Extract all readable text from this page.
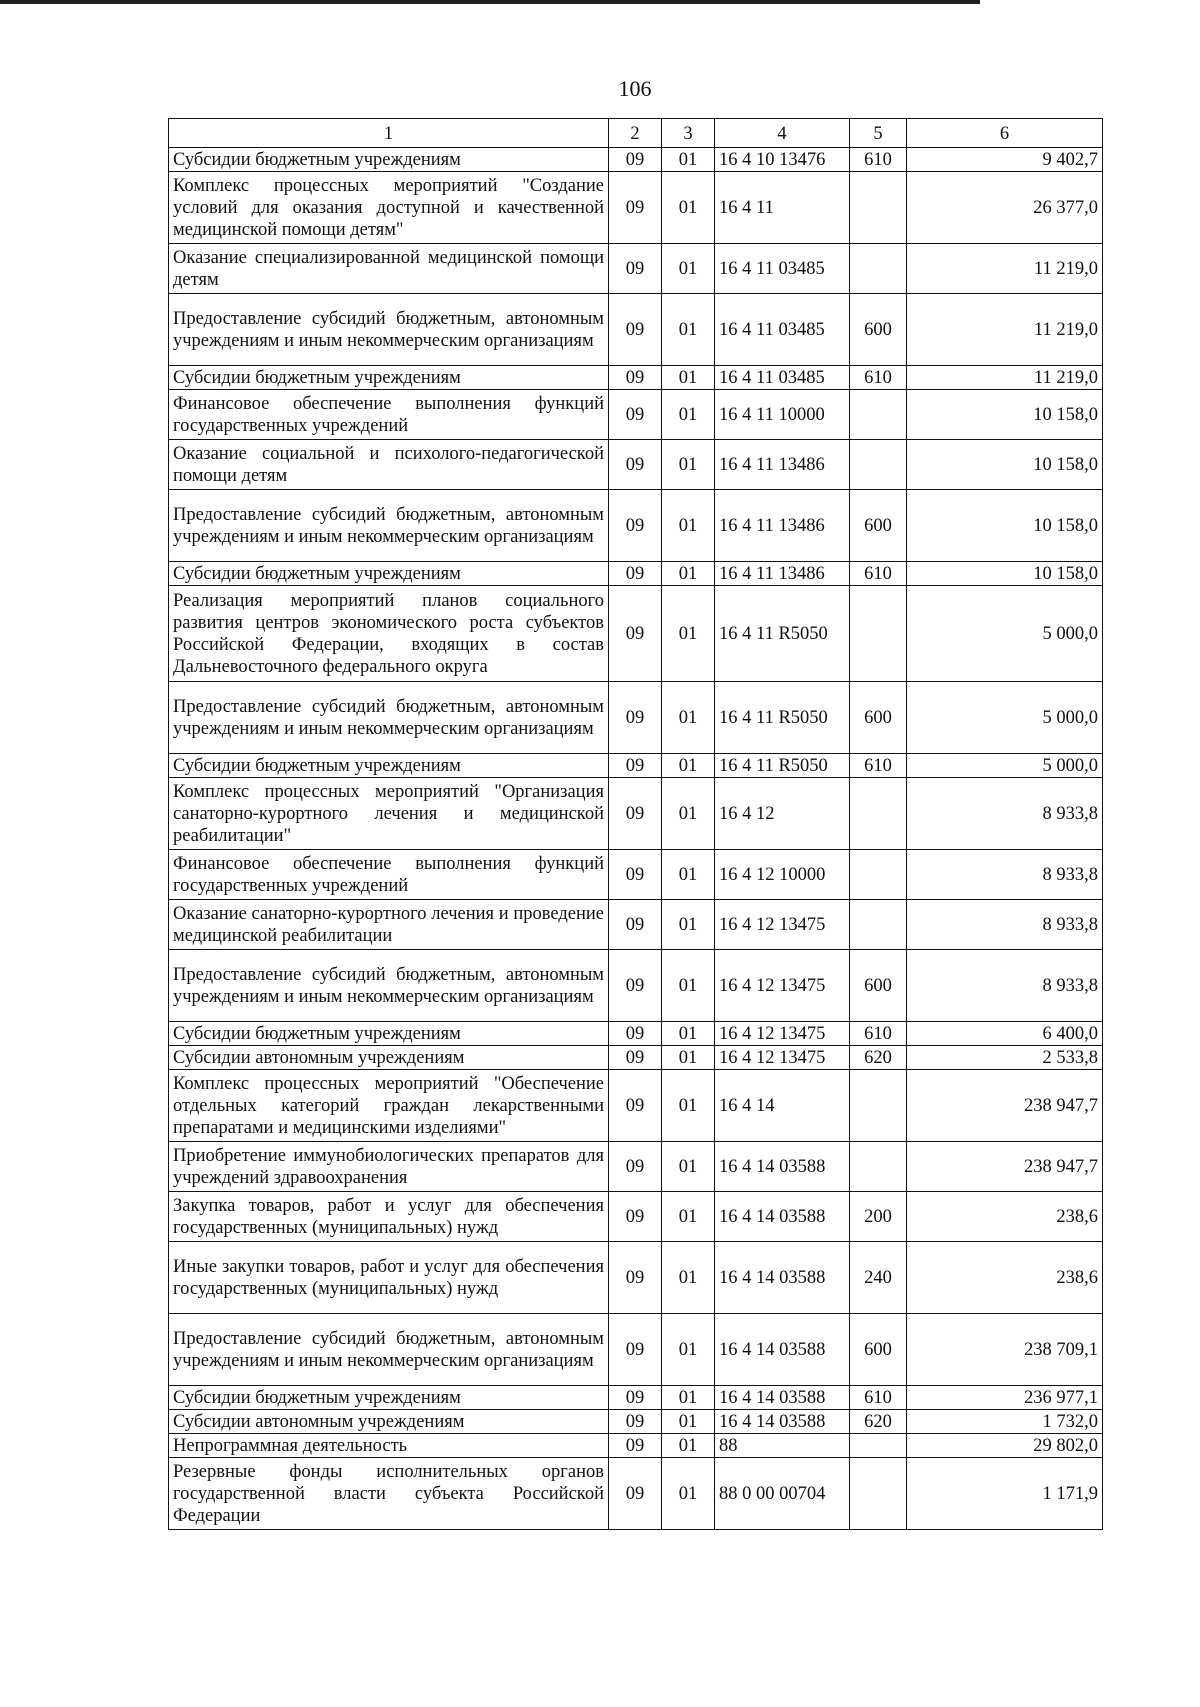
106
1	2	3	4	5	6
Субсидии бюджетным учреждениям	09	01	16 4 10 13476	610	9 402,7
Комплекс процессных мероприятий "Создание условий для оказания доступной и качественной медицинской помощи детям"	09	01	16 4 11		26 377,0
Оказание специализированной медицинской помощи детям	09	01	16 4 11 03485		11 219,0
Предоставление субсидий бюджетным, автономным учреждениям и иным некоммерческим организациям	09	01	16 4 11 03485	600	11 219,0
Субсидии бюджетным учреждениям	09	01	16 4 11 03485	610	11 219,0
Финансовое обеспечение выполнения функций государственных учреждений	09	01	16 4 11 10000		10 158,0
Оказание социальной и психолого-педагогической помощи детям	09	01	16 4 11 13486		10 158,0
Предоставление субсидий бюджетным, автономным учреждениям и иным некоммерческим организациям	09	01	16 4 11 13486	600	10 158,0
Субсидии бюджетным учреждениям	09	01	16 4 11 13486	610	10 158,0
Реализация мероприятий планов социального развития центров экономического роста субъектов Российской Федерации, входящих в состав Дальневосточного федерального округа	09	01	16 4 11 R5050		5 000,0
Предоставление субсидий бюджетным, автономным учреждениям и иным некоммерческим организациям	09	01	16 4 11 R5050	600	5 000,0
Субсидии бюджетным учреждениям	09	01	16 4 11 R5050	610	5 000,0
Комплекс процессных мероприятий "Организация санаторно-курортного лечения и медицинской реабилитации"	09	01	16 4 12		8 933,8
Финансовое обеспечение выполнения функций государственных учреждений	09	01	16 4 12 10000		8 933,8
Оказание санаторно-курортного лечения и проведение медицинской реабилитации	09	01	16 4 12 13475		8 933,8
Предоставление субсидий бюджетным, автономным учреждениям и иным некоммерческим организациям	09	01	16 4 12 13475	600	8 933,8
Субсидии бюджетным учреждениям	09	01	16 4 12 13475	610	6 400,0
Субсидии автономным учреждениям	09	01	16 4 12 13475	620	2 533,8
Комплекс процессных мероприятий "Обеспечение отдельных категорий граждан лекарственными препаратами и медицинскими изделиями"	09	01	16 4 14		238 947,7
Приобретение иммунобиологических препаратов для учреждений здравоохранения	09	01	16 4 14 03588		238 947,7
Закупка товаров, работ и услуг для обеспечения государственных (муниципальных) нужд	09	01	16 4 14 03588	200	238,6
Иные закупки товаров, работ и услуг для обеспечения государственных (муниципальных) нужд	09	01	16 4 14 03588	240	238,6
Предоставление субсидий бюджетным, автономным учреждениям и иным некоммерческим организациям	09	01	16 4 14 03588	600	238 709,1
Субсидии бюджетным учреждениям	09	01	16 4 14 03588	610	236 977,1
Субсидии автономным учреждениям	09	01	16 4 14 03588	620	1 732,0
Непрограммная деятельность	09	01	88		29 802,0
Резервные фонды исполнительных органов государственной власти субъекта Российской Федерации	09	01	88 0 00 00704		1 171,9
